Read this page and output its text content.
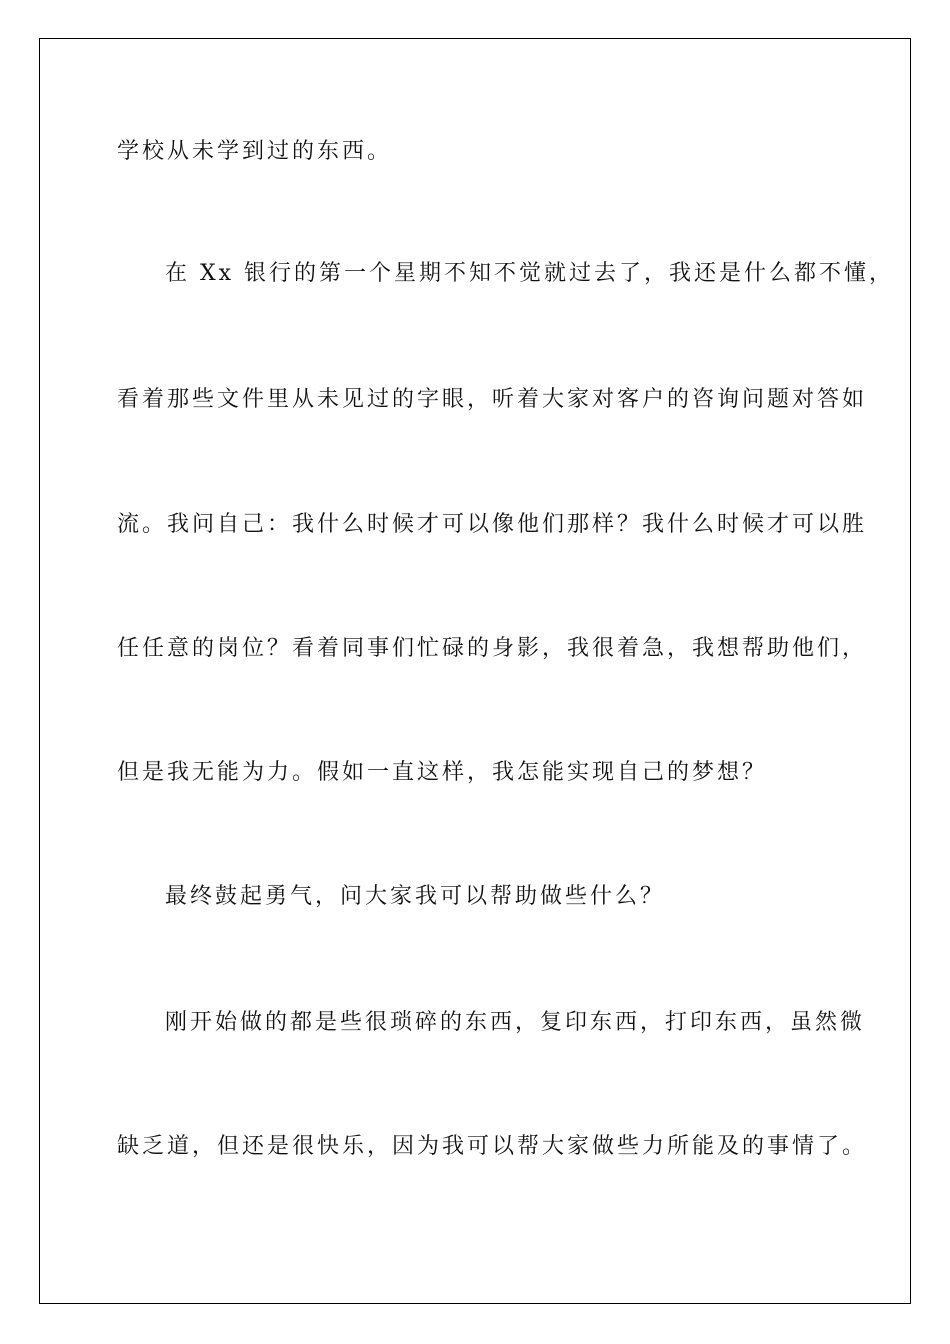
学校从未学到过的东西。
在 Xx 银行的第一个星期不知不觉就过去了，我还是什么都不懂，
看着那些文件里从未见过的字眼，听着大家对客户的咨询问题对答如
流。我问自己：我什么时候才可以像他们那样？我什么时候才可以胜
任任意的岗位？看着同事们忙碌的身影，我很着急，我想帮助他们，
但是我无能为力。假如一直这样，我怎能实现自己的梦想？
最终鼓起勇气，问大家我可以帮助做些什么？
刚开始做的都是些很琐碎的东西，复印东西，打印东西，虽然微
缺乏道，但还是很快乐，因为我可以帮大家做些力所能及的事情了。
